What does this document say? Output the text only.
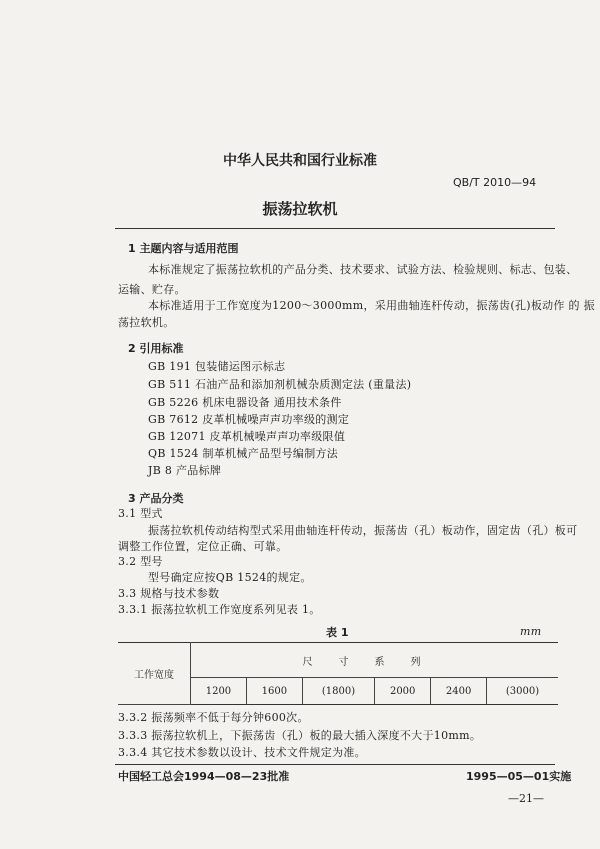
中华人民共和国行业标准
QB/T 2010—94
振荡拉软机
1 主题内容与适用范围
本标准规定了振荡拉软机的产品分类、技术要求、试验方法、检验规则、标志、包装、
运输、贮存。
本标准适用于工作宽度为1200～3000mm，采用曲轴连杆传动，振荡齿(孔)板动作 的 振
荡拉软机。
2 引用标准
GB 191 包装储运图示标志
GB 511 石油产品和添加剂机械杂质测定法 (重量法)
GB 5226 机床电器设备 通用技术条件
GB 7612 皮革机械噪声声功率级的测定
GB 12071 皮革机械噪声声功率级限值
QB 1524 制革机械产品型号编制方法
JB 8 产品标牌
3 产品分类
3.1 型式
振荡拉软机传动结构型式采用曲轴连杆传动，振荡齿（孔）板动作，固定齿（孔）板可
调整工作位置，定位正确、可靠。
3.2 型号
型号确定应按QB 1524的规定。
3.3 规格与技术参数
3.3.1 振荡拉软机工作宽度系列见表 1。
表 1	mm
工作宽度	尺寸系列					
	1200	1600	(1800)	2000	2400	(3000)
3.3.2 振荡频率不低于每分钟600次。
3.3.3 振荡拉软机上，下振荡齿（孔）板的最大插入深度不大于10mm。
3.3.4 其它技术参数以设计、技术文件规定为准。
中国轻工总会1994—08—23批准	1995—05—01实施
—21—
